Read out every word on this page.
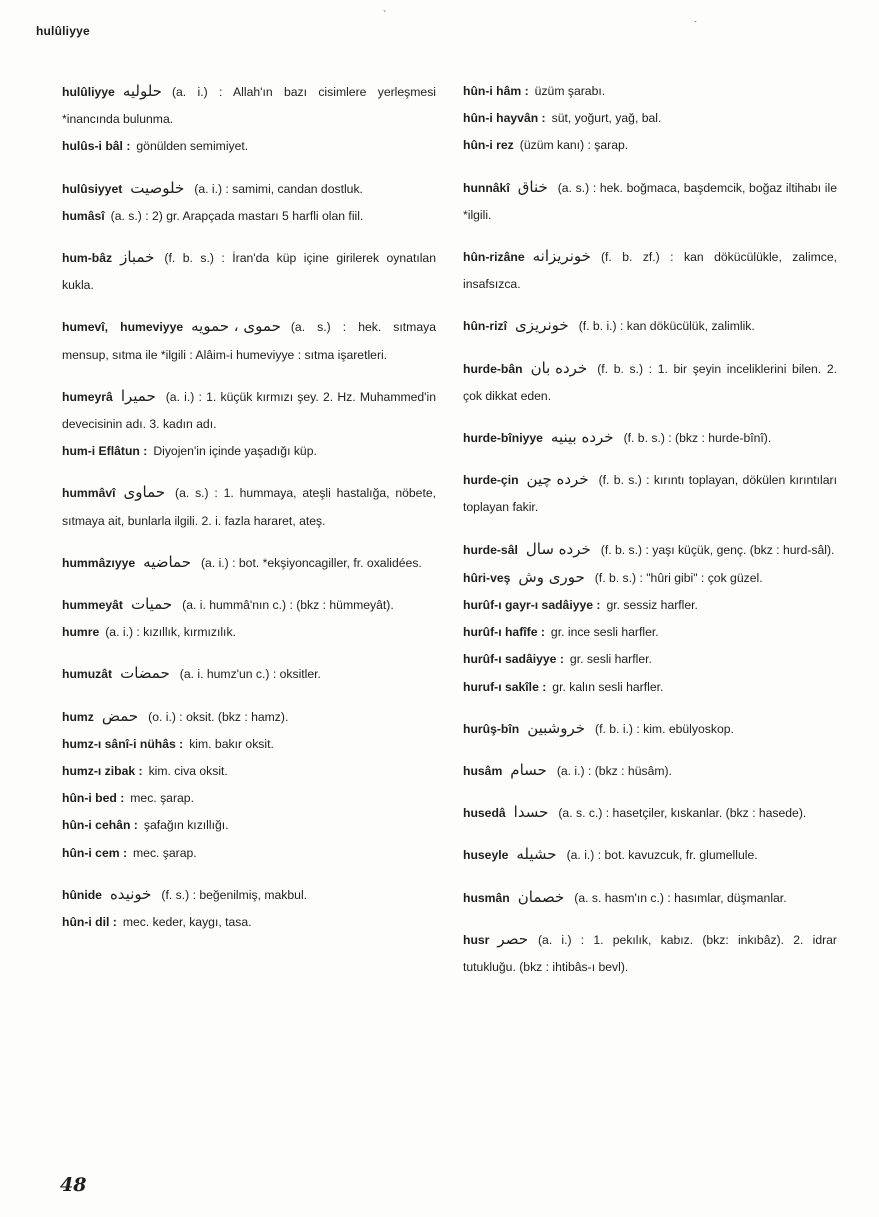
hulûliyye
ˋ
·

hulûliyye حلوليه (a. i.) : Allah'ın bazı cisimlere yerleşmesi *inancında bulunma.

hulûs-i bâl : gönülden semimiyet.

hulûsiyyet خلوصيت (a. i.) : samimi, candan dostluk.

humâsî (a. s.) : 2) gr. Arapçada mastarı 5 harfli olan fiil.

hum-bâz خمباز (f. b. s.) : İran'da küp içine girilerek oynatılan kukla.

humevî, humeviyye حموى ، حمويه (a. s.) : hek. sıtmaya mensup, sıtma ile *ilgili : Alâim-i humeviyye : sıtma işaretleri.

humeyrâ حميرا (a. i.) : 1. küçük kırmızı şey. 2. Hz. Muhammed'in devecisinin adı. 3. kadın adı.

hum-i Eflâtun : Diyojen'in içinde yaşadığı küp.

hummâvî حماوى (a. s.) : 1. hummaya, ateşli hastalığa, nöbete, sıtmaya ait, bunlarla ilgili. 2. i. fazla hararet, ateş.

hummâzıyye حماضيه (a. i.) : bot. *ekşiyoncagiller, fr. oxalidées.

hummeyât حميات (a. i. hummâ'nın c.) : (bkz : hümmeyât).

humre (a. i.) : kızıllık, kırmızılık.

humuzât حمضات (a. i. humz'un c.) : oksitler.

humz حمض (o. i.) : oksit. (bkz : hamz).

humz-ı sânî-i nühâs : kim. bakır oksit.

humz-ı zibak : kim. civa oksit.

hûn-i bed : mec. şarap.

hûn-i cehân : şafağın kızıllığı.

hûn-i cem : mec. şarap.

hûnide خونيده (f. s.) : beğenilmiş, makbul.

hûn-i dil : mec. keder, kaygı, tasa.

hûn-i hâm : üzüm şarabı.

hûn-i hayvân : süt, yoğurt, yağ, bal.

hûn-i rez (üzüm kanı) : şarap.

hunnâkî خناق (a. s.) : hek. boğmaca, başdemcik, boğaz iltihabı ile *ilgili.

hûn-rizâne خونريزانه (f. b. zf.) : kan dökücülükle, zalimce, insafsızca.

hûn-rizî خونريزى (f. b. i.) : kan dökücülük, zalimlik.

hurde-bân خرده بان (f. b. s.) : 1. bir şeyin inceliklerini bilen. 2. çok dikkat eden.

hurde-bîniyye خرده بينيه (f. b. s.) : (bkz : hurde-bînî).

hurde-çin خرده چين (f. b. s.) : kırıntı toplayan, dökülen kırıntıları toplayan fakir.

hurde-sâl خرده سال (f. b. s.) : yaşı küçük, genç. (bkz : hurd-sâl).

hûri-veş حورى وش (f. b. s.) : "hûri gibi" : çok güzel.

hurûf-ı gayr-ı sadâiyye : gr. sessiz harfler.

hurûf-ı hafîfe : gr. ince sesli harfler.

hurûf-ı sadâiyye : gr. sesli harfler.

huruf-ı sakîle : gr. kalın sesli harfler.

hurûş-bîn خروشبين (f. b. i.) : kim. ebülyoskop.

husâm حسام (a. i.) : (bkz : hüsâm).

husedâ حسدا (a. s. c.) : hasetçiler, kıskanlar. (bkz : hasede).

huseyle حشيله (a. i.) : bot. kavuzcuk, fr. glumellule.

husmân خصمان (a. s. hasm'ın c.) : hasımlar, düşmanlar.

husr حصر (a. i.) : 1. pekılık, kabız. (bkz: inkıbâz). 2. idrar tutukluğu. (bkz : ihtibâs-ı bevl).

48
